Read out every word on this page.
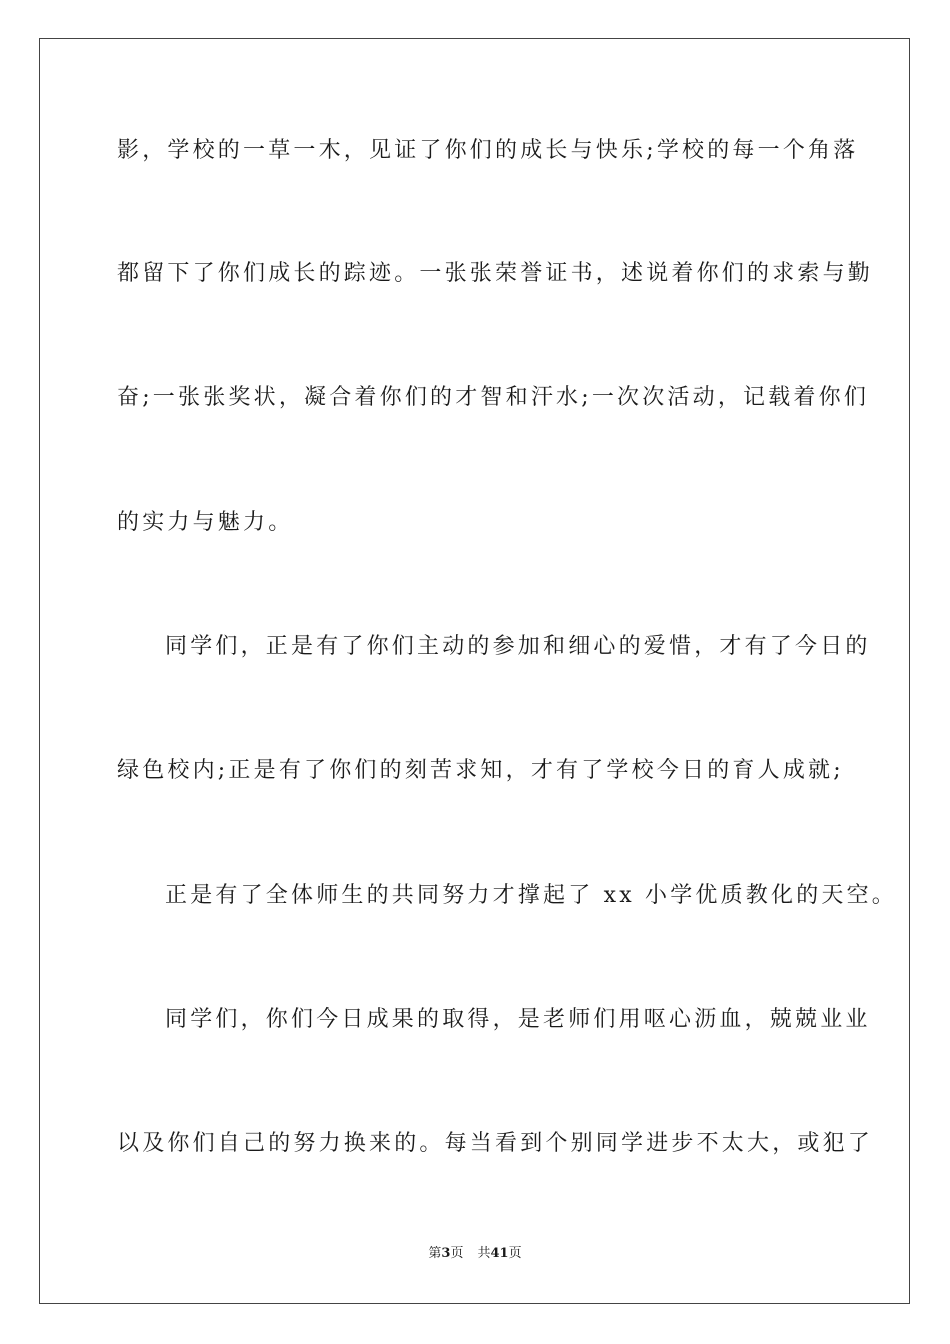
影，学校的一草一木，见证了你们的成长与快乐;学校的每一个角落
都留下了你们成长的踪迹。一张张荣誉证书，述说着你们的求索与勤
奋;一张张奖状，凝合着你们的才智和汗水;一次次活动，记载着你们
的实力与魅力。
同学们，正是有了你们主动的参加和细心的爱惜，才有了今日的
绿色校内;正是有了你们的刻苦求知，才有了学校今日的育人成就;
正是有了全体师生的共同努力才撑起了 xx 小学优质教化的天空。
同学们，你们今日成果的取得，是老师们用呕心沥血，兢兢业业
以及你们自己的努力换来的。每当看到个别同学进步不太大，或犯了
第3页 共41页
